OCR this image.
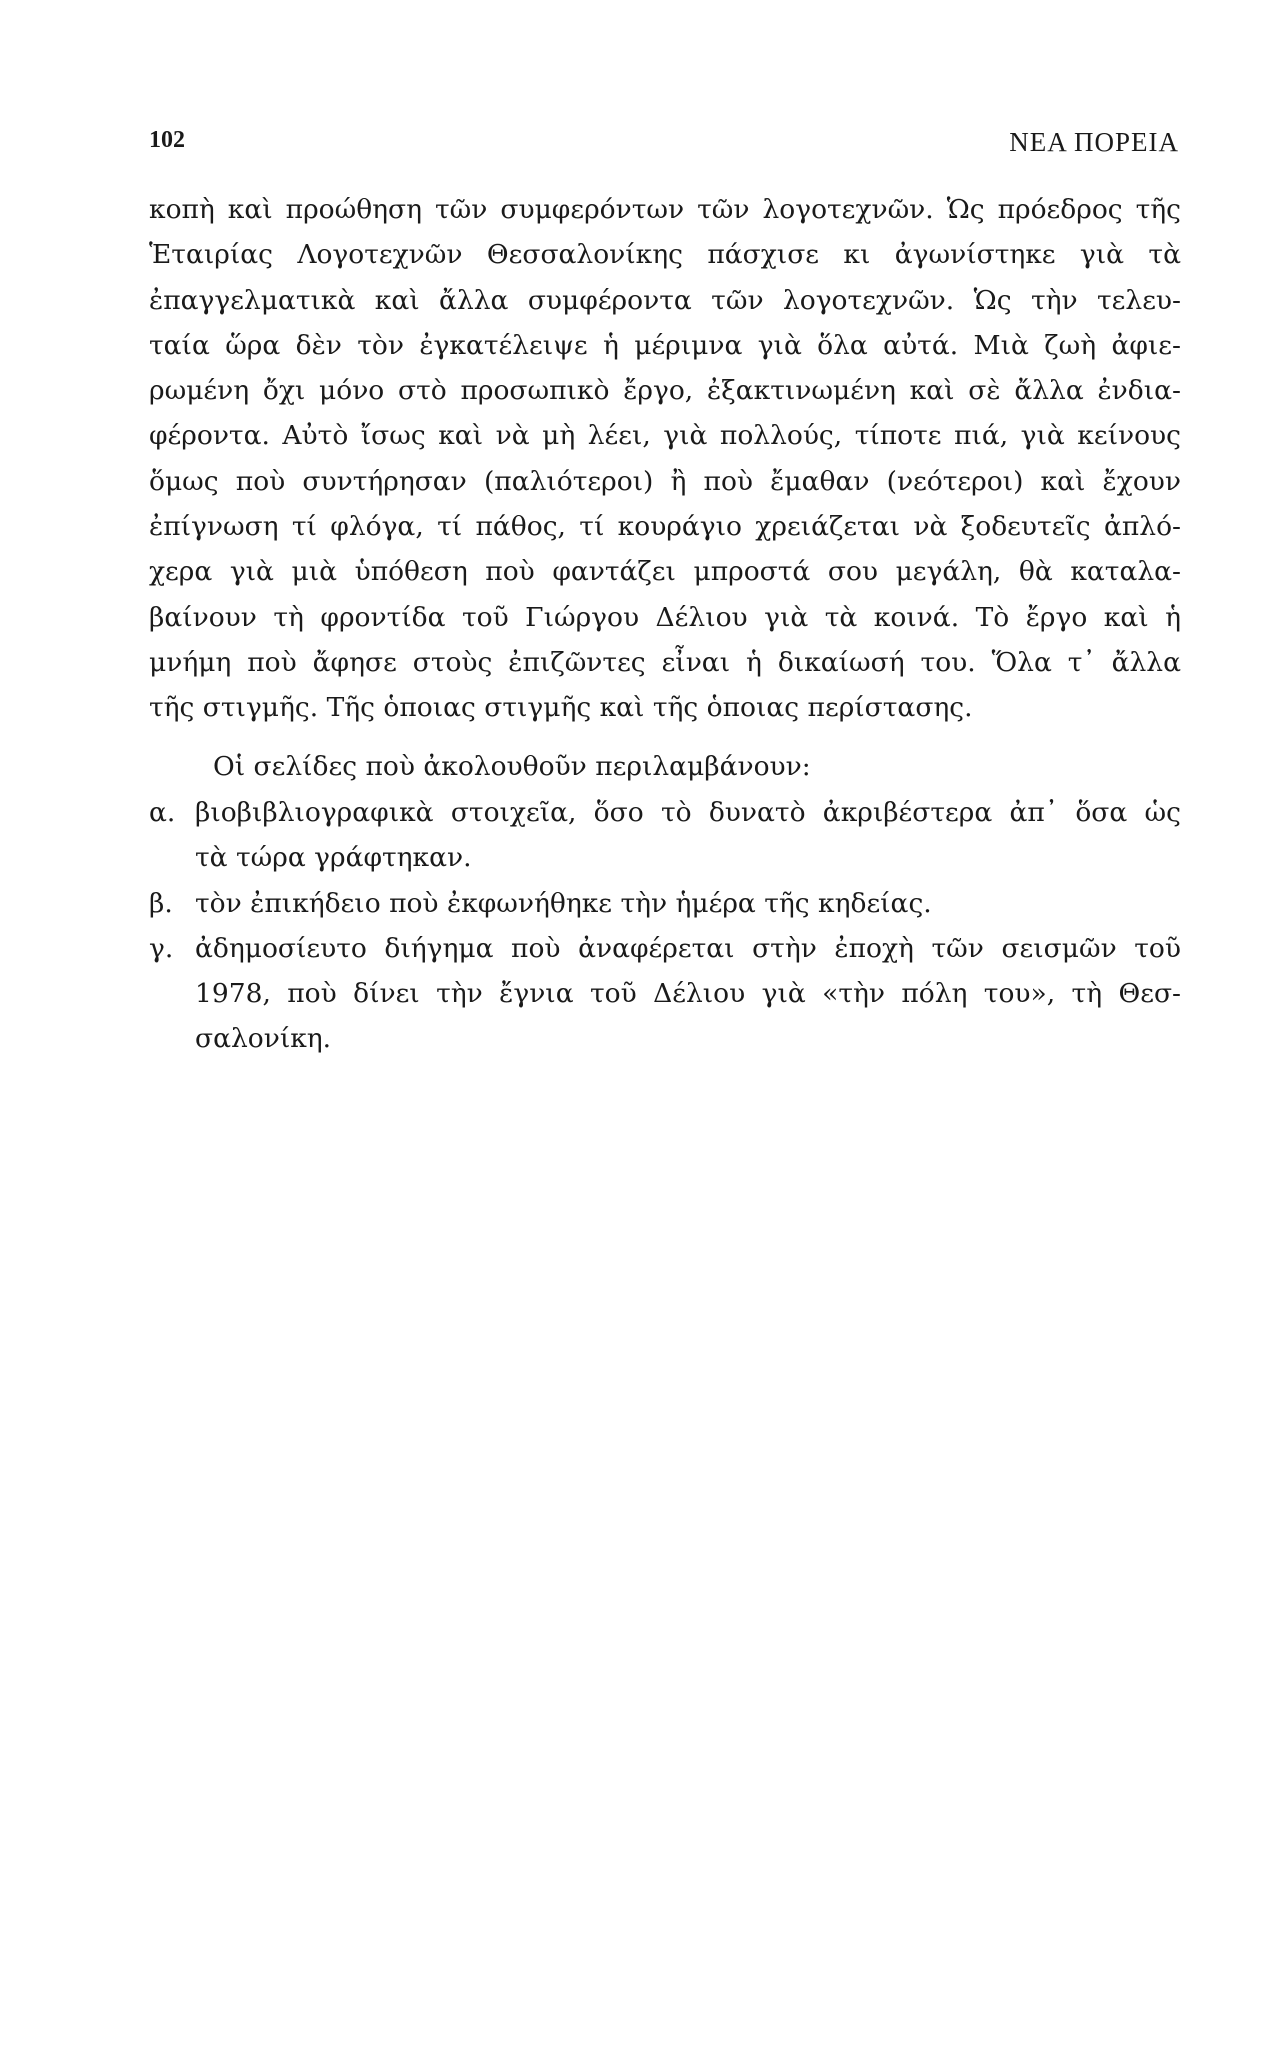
102	ΝΕΑ ΠΟΡΕΙΑ
κοπὴ καὶ προώθηση τῶν συμφερόντων τῶν λογοτεχνῶν. Ὡς πρόεδρος τῆς
Ἑταιρίας Λογοτεχνῶν Θεσσαλονίκης πάσχισε κι ἀγωνίστηκε γιὰ τὰ
ἐπαγγελματικὰ καὶ ἄλλα συμφέροντα τῶν λογοτεχνῶν. Ὡς τὴν τελευ-
ταία ὥρα δὲν τὸν ἐγκατέλειψε ἡ μέριμνα γιὰ ὅλα αὐτά. Μιὰ ζωὴ ἀφιε-
ρωμένη ὄχι μόνο στὸ προσωπικὸ ἔργο, ἐξακτινωμένη καὶ σὲ ἄλλα ἐνδια-
φέροντα. Αὐτὸ ἴσως καὶ νὰ μὴ λέει, γιὰ πολλούς, τίποτε πιά, γιὰ κείνους
ὅμως ποὺ συντήρησαν (παλιότεροι) ἢ ποὺ ἔμαθαν (νεότεροι) καὶ ἔχουν
ἐπίγνωση τί φλόγα, τί πάθος, τί κουράγιο χρειάζεται νὰ ξοδευτεῖς ἀπλό-
χερα γιὰ μιὰ ὑπόθεση ποὺ φαντάζει μπροστά σου μεγάλη, θὰ καταλα-
βαίνουν τὴ φροντίδα τοῦ Γιώργου Δέλιου γιὰ τὰ κοινά. Τὸ ἔργο καὶ ἡ
μνήμη ποὺ ἄφησε στοὺς ἐπιζῶντες εἶναι ἡ δικαίωσή του. Ὅλα τ᾿ ἄλλα
τῆς στιγμῆς. Τῆς ὁποιας στιγμῆς καὶ τῆς ὁποιας περίστασης.
Οἱ σελίδες ποὺ ἀκολουθοῦν περιλαμβάνουν:
α. βιοβιβλιογραφικὰ στοιχεῖα, ὅσο τὸ δυνατὸ ἀκριβέστερα ἀπ᾿ ὅσα ὡς
τὰ τώρα γράφτηκαν.
β. τὸν ἐπικήδειο ποὺ ἐκφωνήθηκε τὴν ἡμέρα τῆς κηδείας.
γ. ἀδημοσίευτο διήγημα ποὺ ἀναφέρεται στὴν ἐποχὴ τῶν σεισμῶν τοῦ
1978, ποὺ δίνει τὴν ἔγνια τοῦ Δέλιου γιὰ «τὴν πόλη του», τὴ Θεσ-
σαλονίκη.
